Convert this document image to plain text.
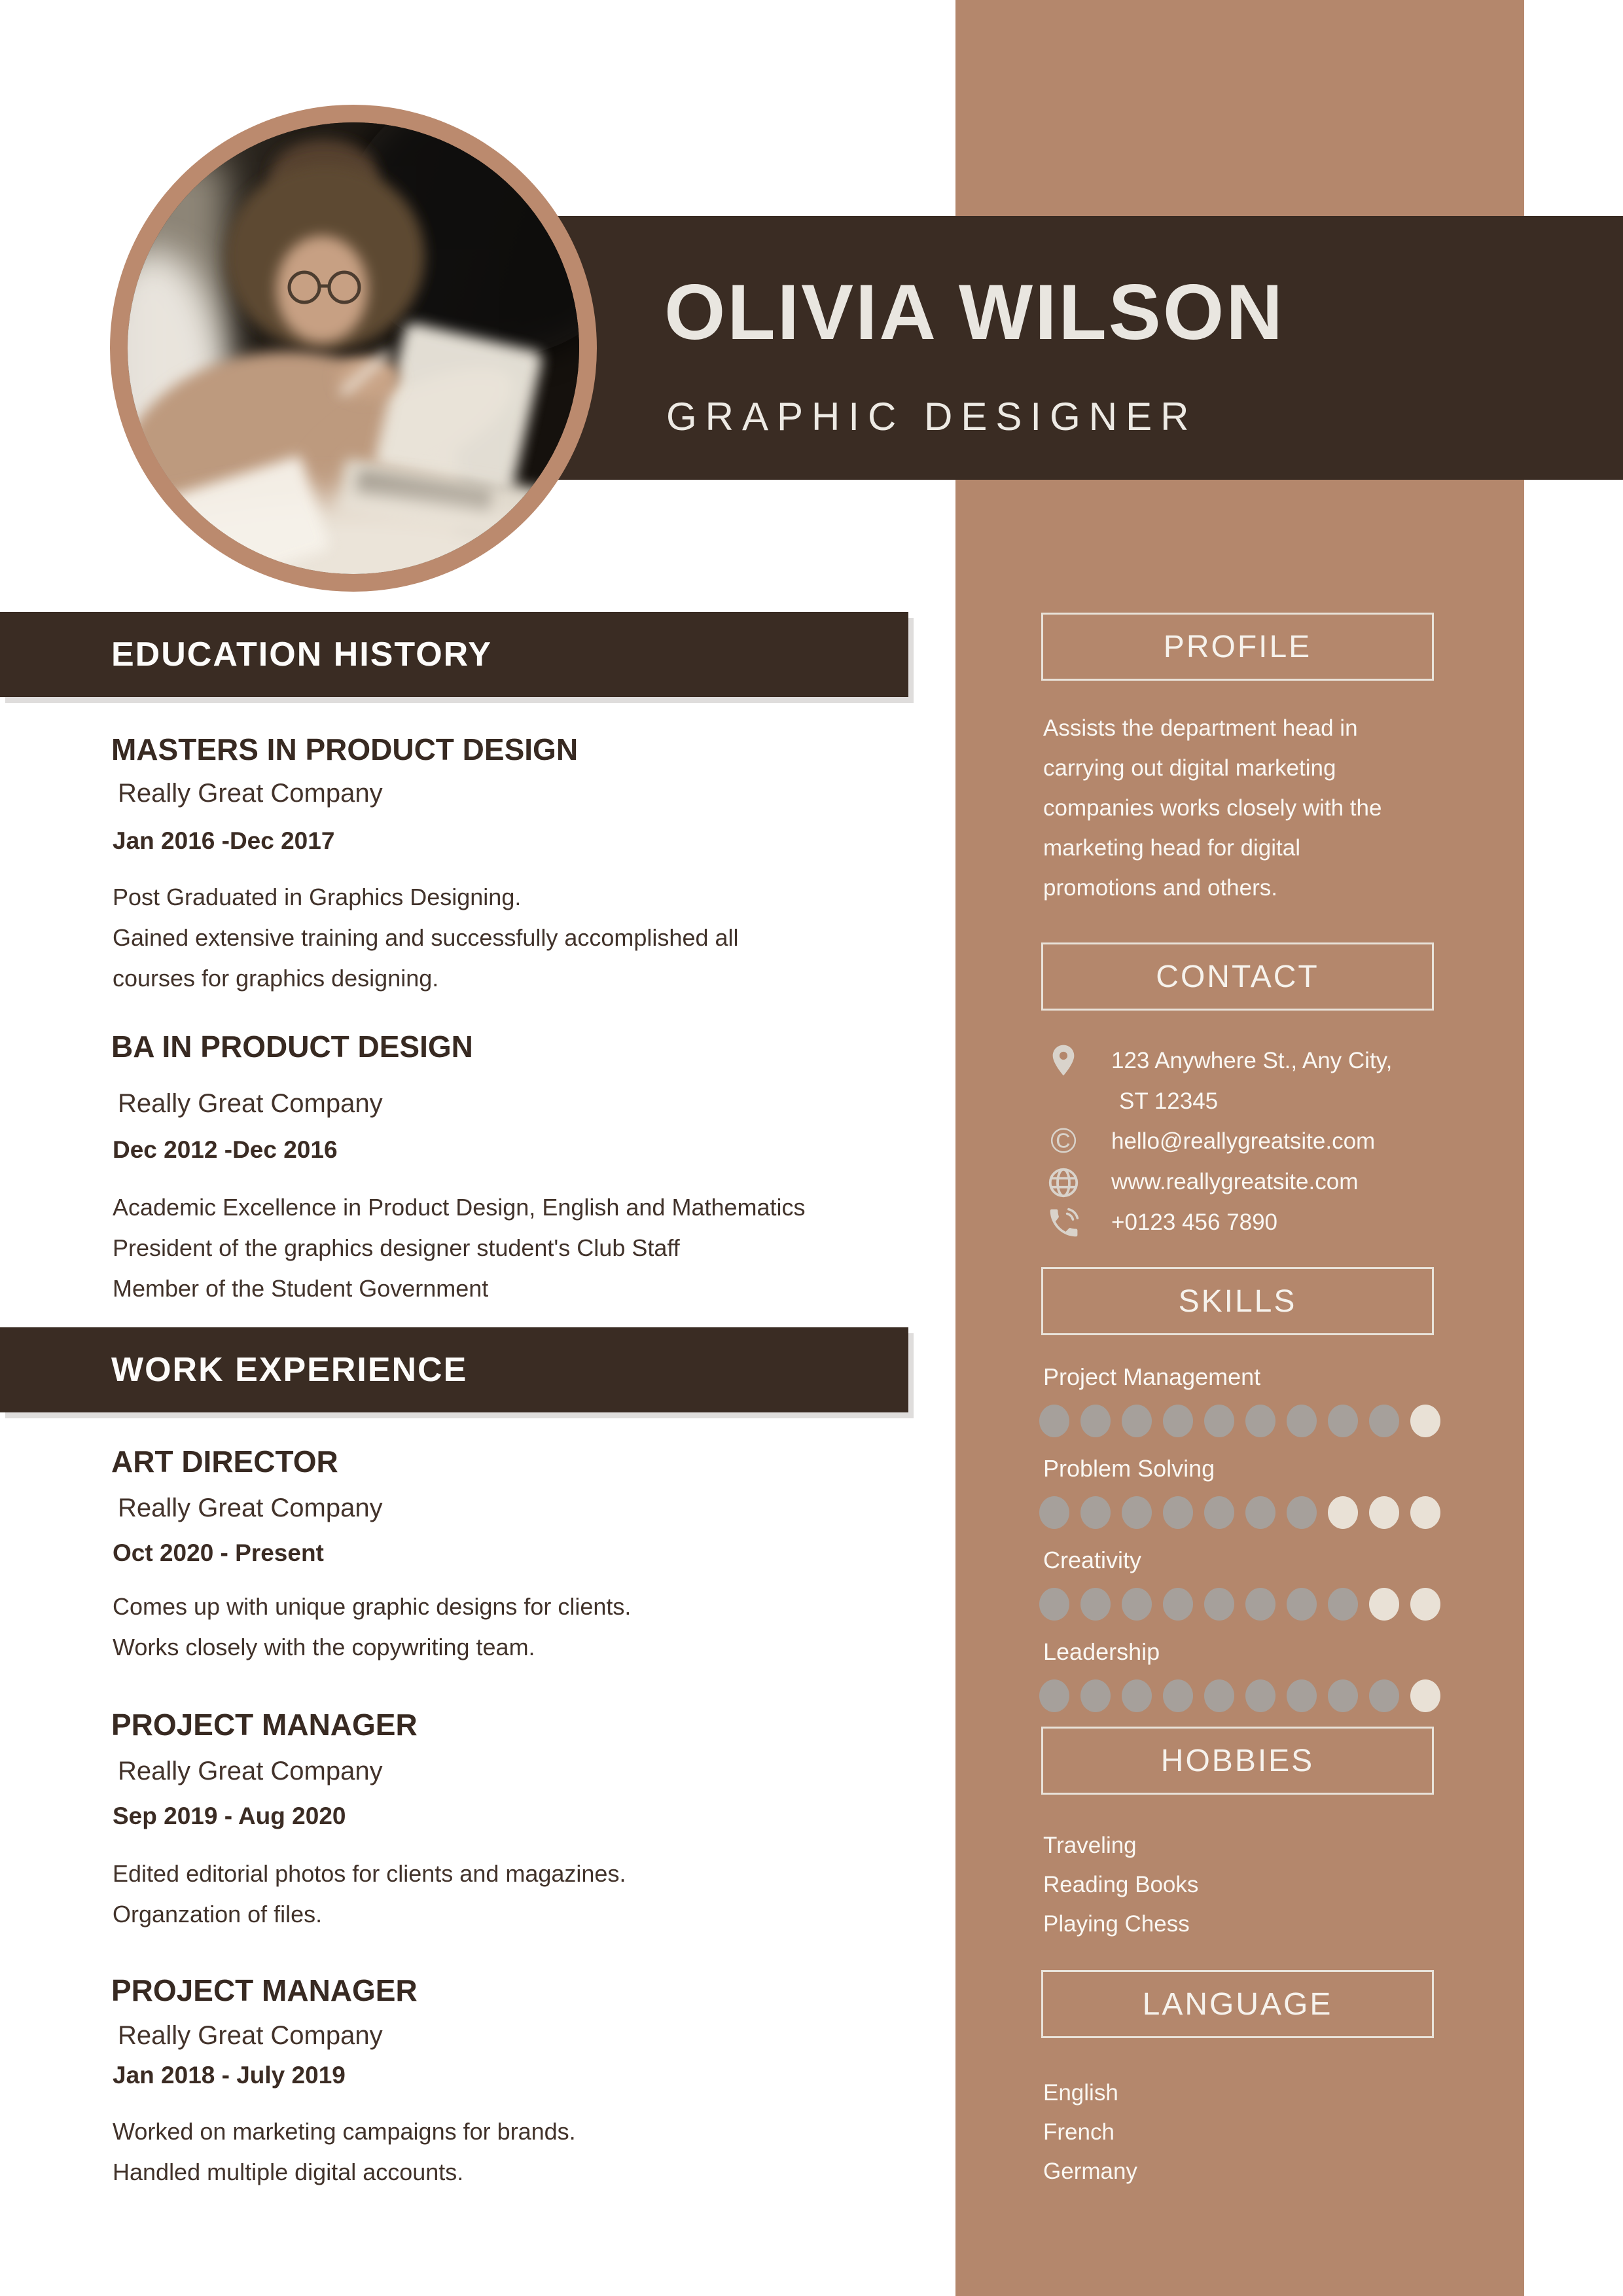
OLIVIA WILSON
GRAPHIC DESIGNER
EDUCATION HISTORY
MASTERS IN PRODUCT DESIGN
Really Great Company
Jan 2016 -Dec 2017
Post Graduated in Graphics Designing.
Gained extensive training and successfully accomplished all
courses for graphics designing.
BA IN PRODUCT DESIGN
Really Great Company
Dec 2012 -Dec 2016
Academic Excellence in Product Design, English and Mathematics
President of the graphics designer student's Club Staff
Member of the Student Government
WORK EXPERIENCE
ART DIRECTOR
Really Great Company
Oct 2020 - Present
Comes up with unique graphic designs for clients.
Works closely with the copywriting team.
PROJECT MANAGER
Really Great Company
Sep 2019 - Aug 2020
Edited editorial photos for clients and magazines.
Organzation of files.
PROJECT MANAGER
Really Great Company
Jan 2018 - July 2019
Worked on marketing campaigns for brands.
Handled multiple digital accounts.
PROFILE
Assists the department head in
carrying out digital marketing
companies works closely with the
marketing head for digital
promotions and others.
CONTACT
123 Anywhere St., Any City,
ST 12345
© hello@reallygreatsite.com
www.reallygreatsite.com
+0123 456 7890
SKILLS
Project Management
Problem Solving
Creativity
Leadership
HOBBIES
Traveling
Reading Books
Playing Chess
LANGUAGE
English
French
Germany
